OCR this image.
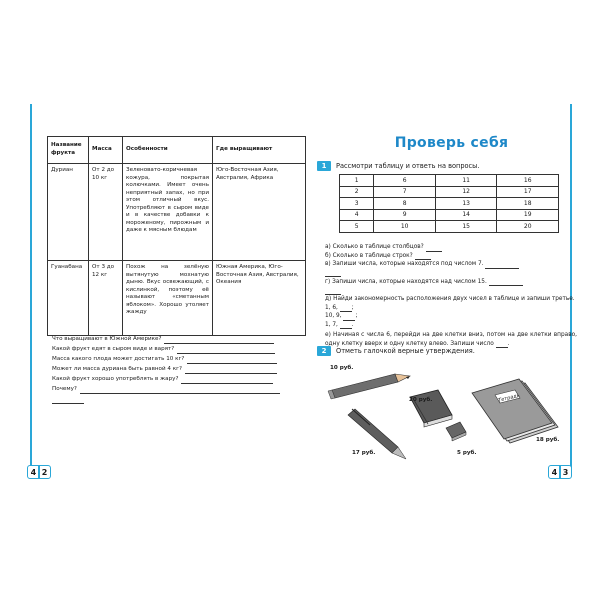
4 2	4 3
Название фрукта	Масса	Особенности	Где выращивают
Дуриан	От 2 до 10 кг	Зеленовато-коричневая кожура, покрытая колючками. Имеет очень неприятный запах, но при этом отличный вкус. Употребляют в сыром виде и в качестве добавки к мороженому, пирожным и даже к мясным блюдам	Юго-Восточная Азия, Австралия, Африка
Гуанабана	От 3 до 12 кг	Похож на зелёную вытянутую мохнатую дыню. Вкус освежающий, с кислинкой, поэтому её называют «сметанным яблоком». Хорошо утоляет жажду	Южная Америка, Юго-Восточная Азия, Австралия, Океания
Что выращивают в Южной Америке?
Какой фрукт едят в сыром виде и варят?
Масса какого плода может достигать 10 кг?
Может ли масса дуриана быть равной 4 кг?
Какой фрукт хорошо употреблять в жару?
Почему?
Проверь себя
1	Рассмотри таблицу и ответь на вопросы.
1	6	11	16
2	7	12	17
3	8	13	18
4	9	14	19
5	10	15	20
а) Сколько в таблице столбцов?
б) Сколько в таблице строк?
в) Запиши числа, которые находятся под числом 7.
г) Запиши числа, которые находятся над числом 15.
д) Найди закономерность расположения двух чисел в таблице и запиши третье.
1, 6, ;
10, 9, ;
1, 7, .
е) Начиная с числа 6, перейди на две клетки вниз, потом на две клетки вправо, одну клетку вверх и одну клетку влево. Запиши число .
2	Отметь галочкой верные утверждения.
Тетрадь
10 руб.
20 руб.
18 руб.
17 руб.	5 руб.
